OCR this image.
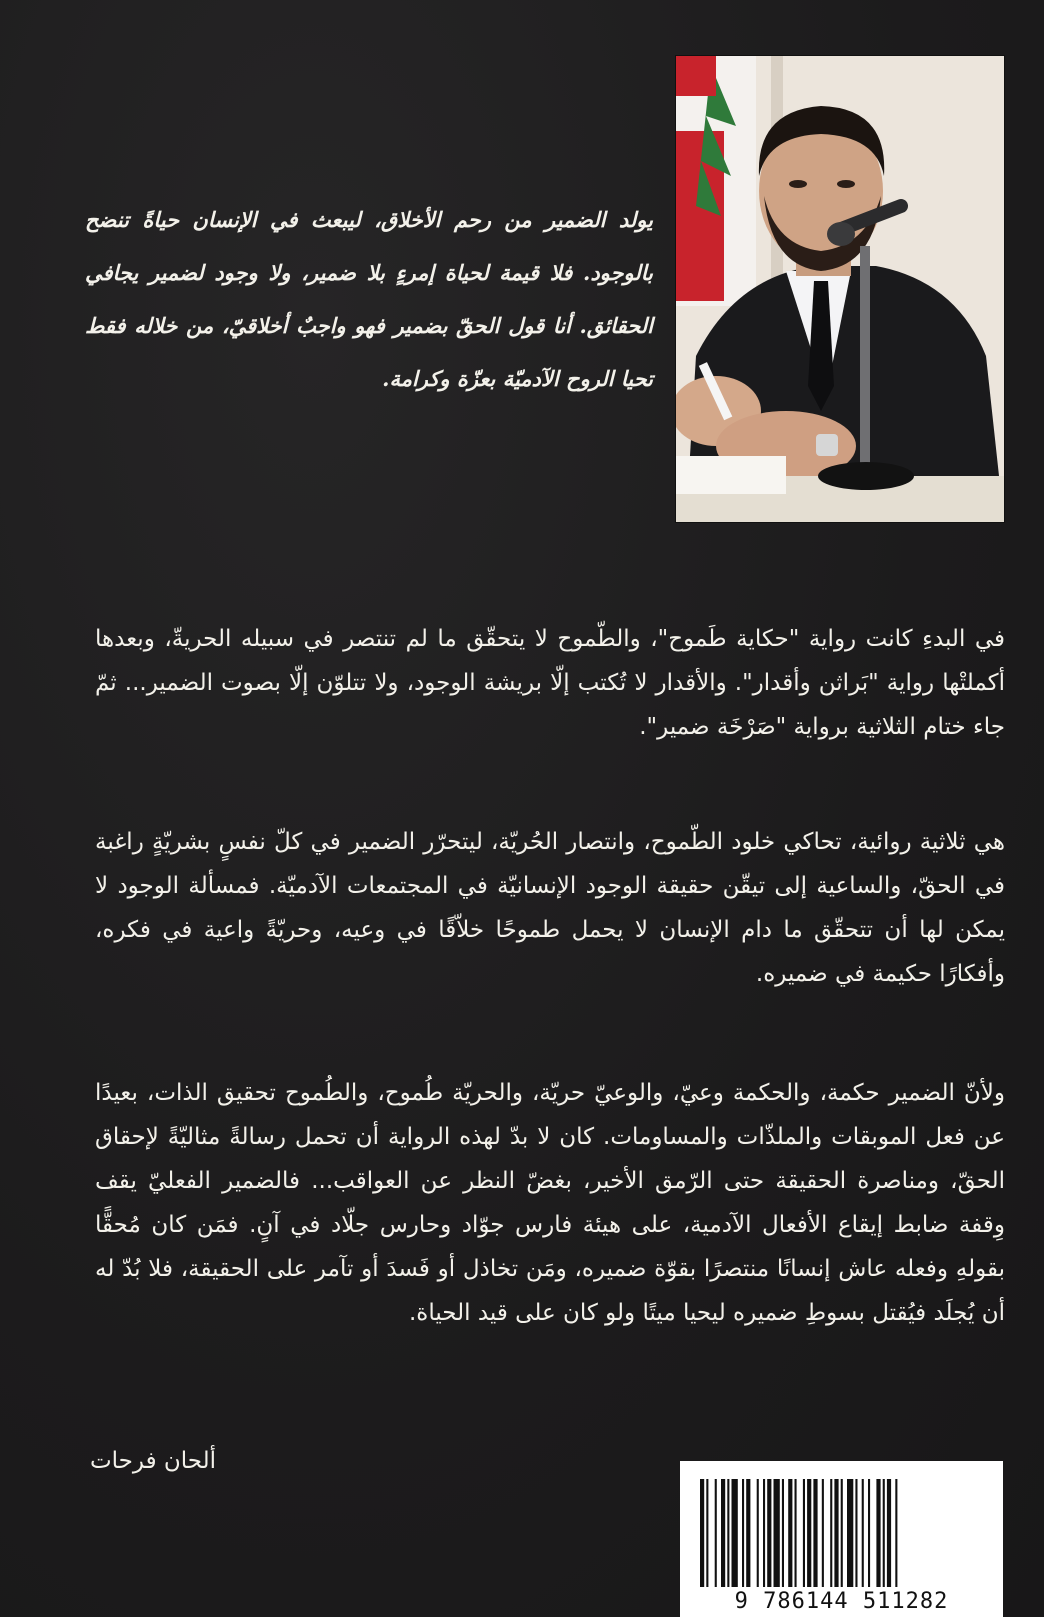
يولد الضمير من رحم الأخلاق، ليبعث في الإنسان حياةً تنضح بالوجود. فلا قيمة لحياة إمرءٍ بلا ضمير، ولا وجود لضمير يجافي الحقائق. أنا قول الحقّ بضمير فهو واجبٌ أخلاقيّ، من خلاله فقط تحيا الروح الآدميّة بعزّة وكرامة.

في البدءِ كانت رواية "حكاية طَموح"، والطّموح لا يتحقّق ما لم تنتصر في سبيله الحريةّ، وبعدها أكملتْها رواية "بَراثن وأقدار". والأقدار لا تُكتب إلّا بريشة الوجود، ولا تتلوّن إلّا بصوت الضمير... ثمّ جاء ختام الثلاثية برواية "صَرْخَة ضمير".

هي ثلاثية روائية، تحاكي خلود الطّموح، وانتصار الحُريّة، ليتحرّر الضمير في كلّ نفسٍ بشريّةٍ راغبة في الحقّ، والساعية إلى تيقّن حقيقة الوجود الإنسانيّة في المجتمعات الآدميّة. فمسألة الوجود لا يمكن لها أن تتحقّق ما دام الإنسان لا يحمل طموحًا خلاّقًا في وعيه، وحريّةً واعية في فكره، وأفكارًا حكيمة في ضميره.

ولأنّ الضمير حكمة، والحكمة وعيّ، والوعيّ حريّة، والحريّة طُموح، والطُموح تحقيق الذات، بعيدًا عن فعل الموبقات والملذّات والمساومات. كان لا بدّ لهذه الرواية أن تحمل رسالةً مثاليّةً لإحقاق الحقّ، ومناصرة الحقيقة حتى الرّمق الأخير، بغضّ النظر عن العواقب... فالضمير الفعليّ يقف وِقفة ضابط إيقاع الأفعال الآدمية، على هيئة فارس جوّاد وحارس جلّاد في آنٍ. فمَن كان مُحقًّا بقولهِ وفعله عاش إنسانًا منتصرًا بقوّة ضميره، ومَن تخاذل أو فَسدَ أو تآمر على الحقيقة، فلا بُدّ له أن يُجلَد فيُقتل بسوطِ ضميره ليحيا ميتًا ولو كان على قيد الحياة.

ألحان فرحات
9 786144 511282
